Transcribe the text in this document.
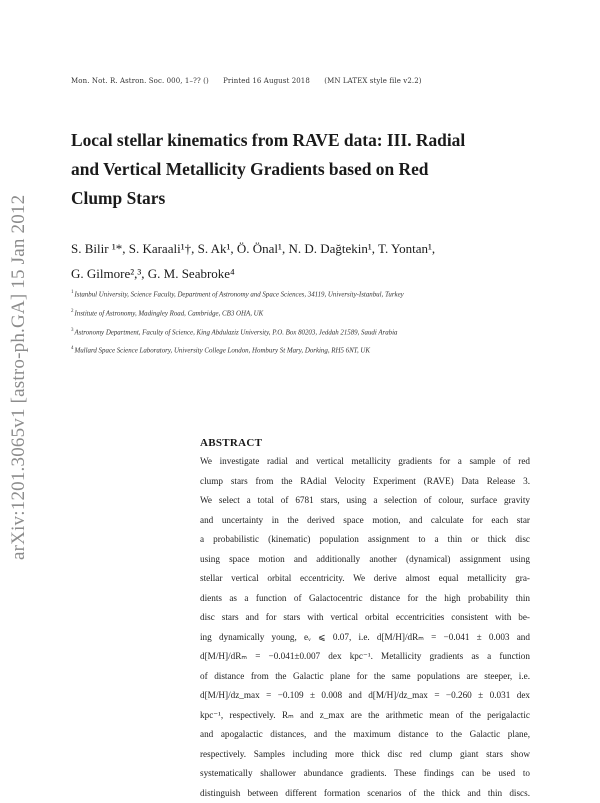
Mon. Not. R. Astron. Soc. 000, 1–?? () Printed 16 August 2018 (MN LATEX style file v2.2)
arXiv:1201.3065v1 [astro-ph.GA] 15 Jan 2012
Local stellar kinematics from RAVE data: III. Radial
and Vertical Metallicity Gradients based on Red
Clump Stars
S. Bilir ¹*, S. Karaali¹†, S. Ak¹, Ö. Önal¹, N. D. Dağtekin¹, T. Yontan¹,
G. Gilmore²,³, G. M. Seabroke⁴
$^1$Istanbul University, Science Faculty, Department of Astronomy and Space Sciences, 34119, University-Istanbul, Turkey
$^2$Institute of Astronomy, Madingley Road, Cambridge, CB3 OHA, UK
$^3$Astronomy Department, Faculty of Science, King Abdulaziz University, P.O. Box 80203, Jeddah 21589, Saudi Arabia
$^4$Mullard Space Science Laboratory, University College London, Hombury St Mary, Dorking, RH5 6NT, UK
ABSTRACT
We investigate radial and vertical metallicity gradients for a sample of red
clump stars from the RAdial Velocity Experiment (RAVE) Data Release 3.
We select a total of 6781 stars, using a selection of colour, surface gravity
and uncertainty in the derived space motion, and calculate for each star
a probabilistic (kinematic) population assignment to a thin or thick disc
using space motion and additionally another (dynamical) assignment using
stellar vertical orbital eccentricity. We derive almost equal metallicity gra-
dients as a function of Galactocentric distance for the high probability thin
disc stars and for stars with vertical orbital eccentricities consistent with be-
ing dynamically young, eᵥ ⩽ 0.07, i.e. d[M/H]/dRₘ = −0.041 ± 0.003 and
d[M/H]/dRₘ = −0.041±0.007 dex kpc⁻¹. Metallicity gradients as a function
of distance from the Galactic plane for the same populations are steeper, i.e.
d[M/H]/dz_max = −0.109 ± 0.008 and d[M/H]/dz_max = −0.260 ± 0.031 dex
kpc⁻¹, respectively. Rₘ and z_max are the arithmetic mean of the perigalactic
and apogalactic distances, and the maximum distance to the Galactic plane,
respectively. Samples including more thick disc red clump giant stars show
systematically shallower abundance gradients. These findings can be used to
distinguish between different formation scenarios of the thick and thin discs.
